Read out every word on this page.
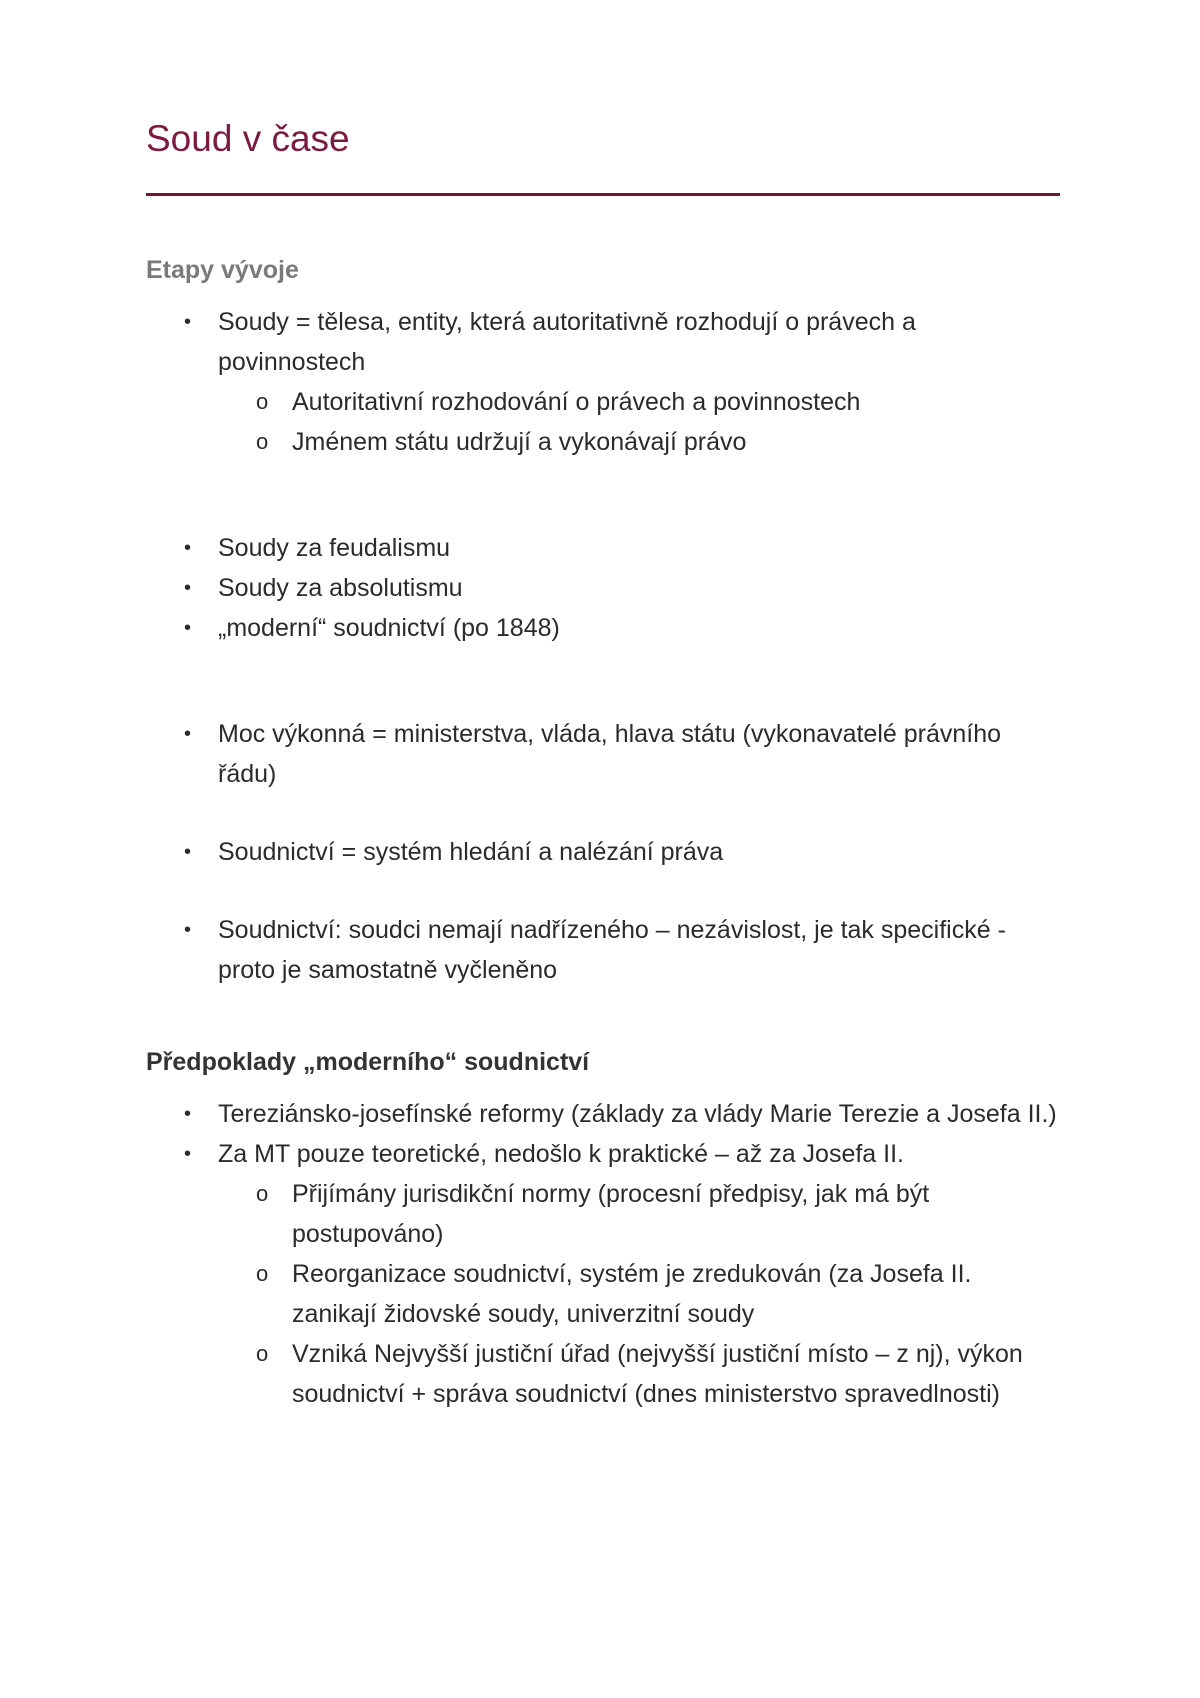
Soud v čase
Etapy vývoje
• Soudy = tělesa, entity, která autoritativně rozhodují o právech a povinnostech
o Autoritativní rozhodování o právech a povinnostech
o Jménem státu udržují a vykonávají právo
• Soudy za feudalismu
• Soudy za absolutismu
• „moderní“ soudnictví (po 1848)
• Moc výkonná = ministerstva, vláda, hlava státu (vykonavatelé právního řádu)
• Soudnictví = systém hledání a nalézání práva
• Soudnictví: soudci nemají nadřízeného – nezávislost, je tak specifické - proto je samostatně vyčleněno
Předpoklady „moderního“ soudnictví
• Tereziánsko-josefínské reformy (základy za vlády Marie Terezie a Josefa II.)
• Za MT pouze teoretické, nedošlo k praktické – až za Josefa II.
o Přijímány jurisdikční normy (procesní předpisy, jak má být postupováno)
o Reorganizace soudnictví, systém je zredukován (za Josefa II. zanikají židovské soudy, univerzitní soudy
o Vzniká Nejvyšší justiční úřad (nejvyšší justiční místo – z nj), výkon soudnictví + správa soudnictví (dnes ministerstvo spravedlnosti)
